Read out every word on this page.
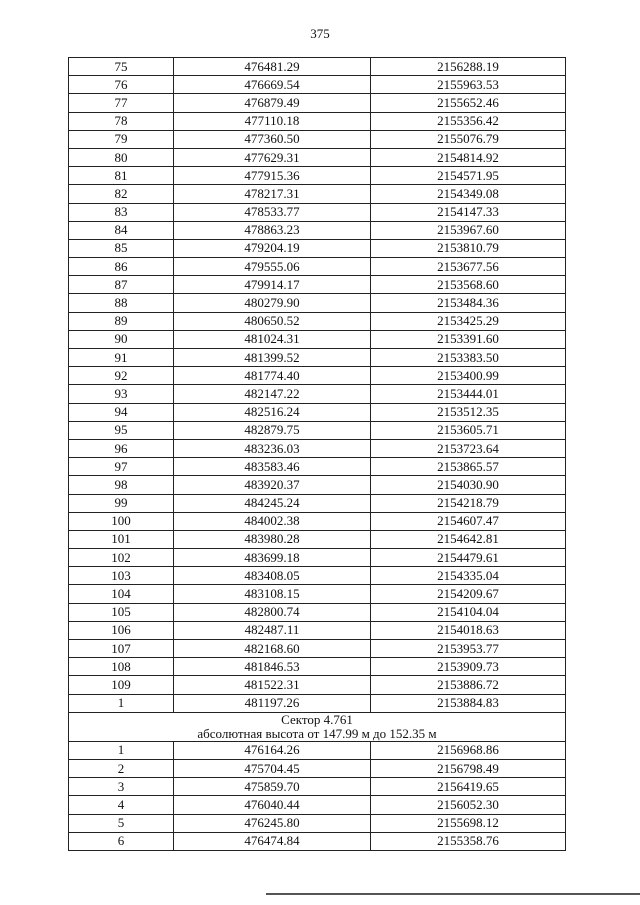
375
75	476481.29	2156288.19
76	476669.54	2155963.53
77	476879.49	2155652.46
78	477110.18	2155356.42
79	477360.50	2155076.79
80	477629.31	2154814.92
81	477915.36	2154571.95
82	478217.31	2154349.08
83	478533.77	2154147.33
84	478863.23	2153967.60
85	479204.19	2153810.79
86	479555.06	2153677.56
87	479914.17	2153568.60
88	480279.90	2153484.36
89	480650.52	2153425.29
90	481024.31	2153391.60
91	481399.52	2153383.50
92	481774.40	2153400.99
93	482147.22	2153444.01
94	482516.24	2153512.35
95	482879.75	2153605.71
96	483236.03	2153723.64
97	483583.46	2153865.57
98	483920.37	2154030.90
99	484245.24	2154218.79
100	484002.38	2154607.47
101	483980.28	2154642.81
102	483699.18	2154479.61
103	483408.05	2154335.04
104	483108.15	2154209.67
105	482800.74	2154104.04
106	482487.11	2154018.63
107	482168.60	2153953.77
108	481846.53	2153909.73
109	481522.31	2153886.72
1	481197.26	2153884.83

Сектор 4.761
абсолютная высота от 147.99 м до 152.35 м		

1	476164.26	2156968.86
2	475704.45	2156798.49
3	475859.70	2156419.65
4	476040.44	2156052.30
5	476245.80	2155698.12
6	476474.84	2155358.76
